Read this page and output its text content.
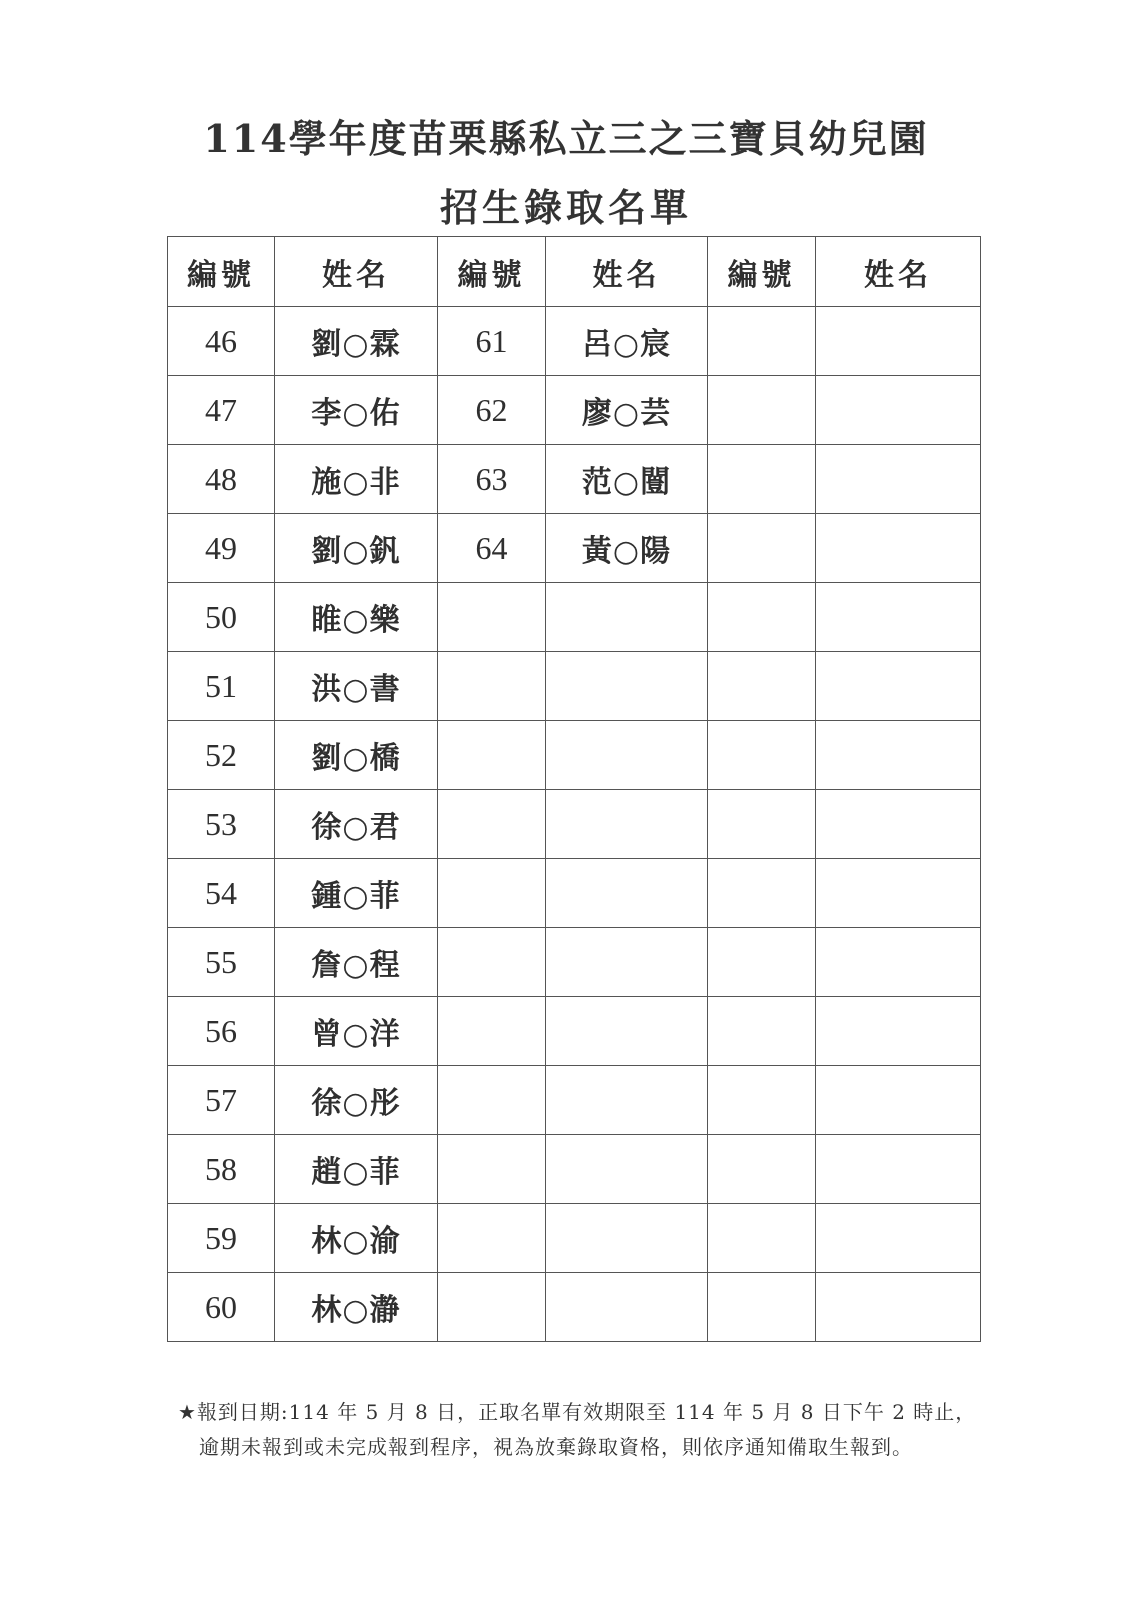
114學年度苗栗縣私立三之三寶貝幼兒園
招生錄取名單
編號	姓名	編號	姓名	編號	姓名
46	劉○霖	61	呂○宸		
47	李○佑	62	廖○芸		
48	施○非	63	范○闓		
49	劉○釩	64	黃○陽		
50	睢○樂				
51	洪○書				
52	劉○橋				
53	徐○君				
54	鍾○菲				
55	詹○程				
56	曾○洋				
57	徐○彤				
58	趙○菲				
59	林○渝				
60	林○瀞				
★報到日期:114 年 5 月 8 日，正取名單有效期限至 114 年 5 月 8 日下午 2 時止，
逾期未報到或未完成報到程序，視為放棄錄取資格，則依序通知備取生報到。
